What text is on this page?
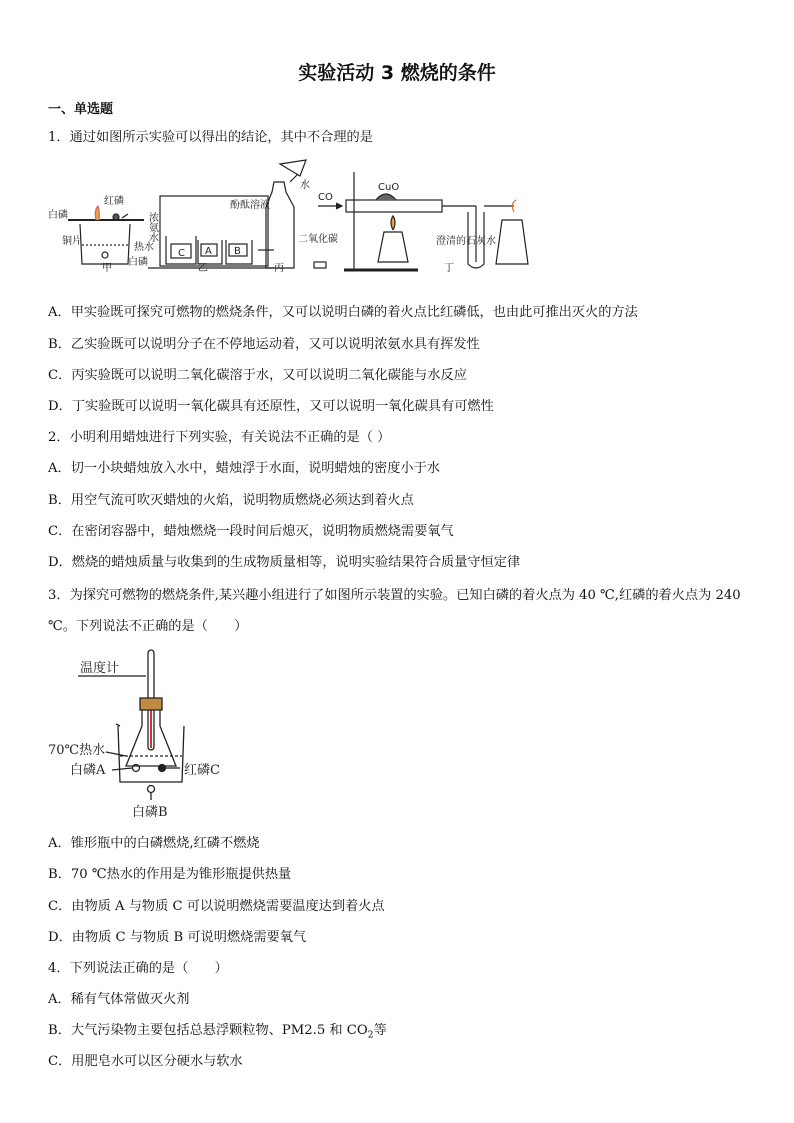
实验活动 3 燃烧的条件
一、单选题
1．通过如图所示实验可以得出的结论，其中不合理的是
白磷
红磷
铜片
热水
白磷
甲
浓氨水
酚酞溶液
C A B
乙
水
二氧化碳
丙
CO
CuO
澄清的石灰水
丁
A．甲实验既可探究可燃物的燃烧条件，又可以说明白磷的着火点比红磷低，也由此可推出灭火的方法
B．乙实验既可以说明分子在不停地运动着，又可以说明浓氨水具有挥发性
C．丙实验既可以说明二氧化碳溶于水，又可以说明二氧化碳能与水反应
D．丁实验既可以说明一氧化碳具有还原性，又可以说明一氧化碳具有可燃性
2．小明利用蜡烛进行下列实验，有关说法不正确的是（ ）
A．切一小块蜡烛放入水中，蜡烛浮于水面，说明蜡烛的密度小于水
B．用空气流可吹灭蜡烛的火焰，说明物质燃烧必须达到着火点
C．在密闭容器中，蜡烛燃烧一段时间后熄灭，说明物质燃烧需要氧气
D．燃烧的蜡烛质量与收集到的生成物质量相等，说明实验结果符合质量守恒定律
3．为探究可燃物的燃烧条件,某兴趣小组进行了如图所示装置的实验。已知白磷的着火点为 40 ℃,红磷的着火点为 240 ℃。下列说法不正确的是（　　）
温度计
70℃热水
白磷A	红磷C
白磷B
A．锥形瓶中的白磷燃烧,红磷不燃烧
B．70 ℃热水的作用是为锥形瓶提供热量
C．由物质 A 与物质 C 可以说明燃烧需要温度达到着火点
D．由物质 C 与物质 B 可说明燃烧需要氧气
4．下列说法正确的是（　　）
A．稀有气体常做灭火剂
B．大气污染物主要包括总悬浮颗粒物、PM2.5 和 $CO_2$等
C．用肥皂水可以区分硬水与软水
